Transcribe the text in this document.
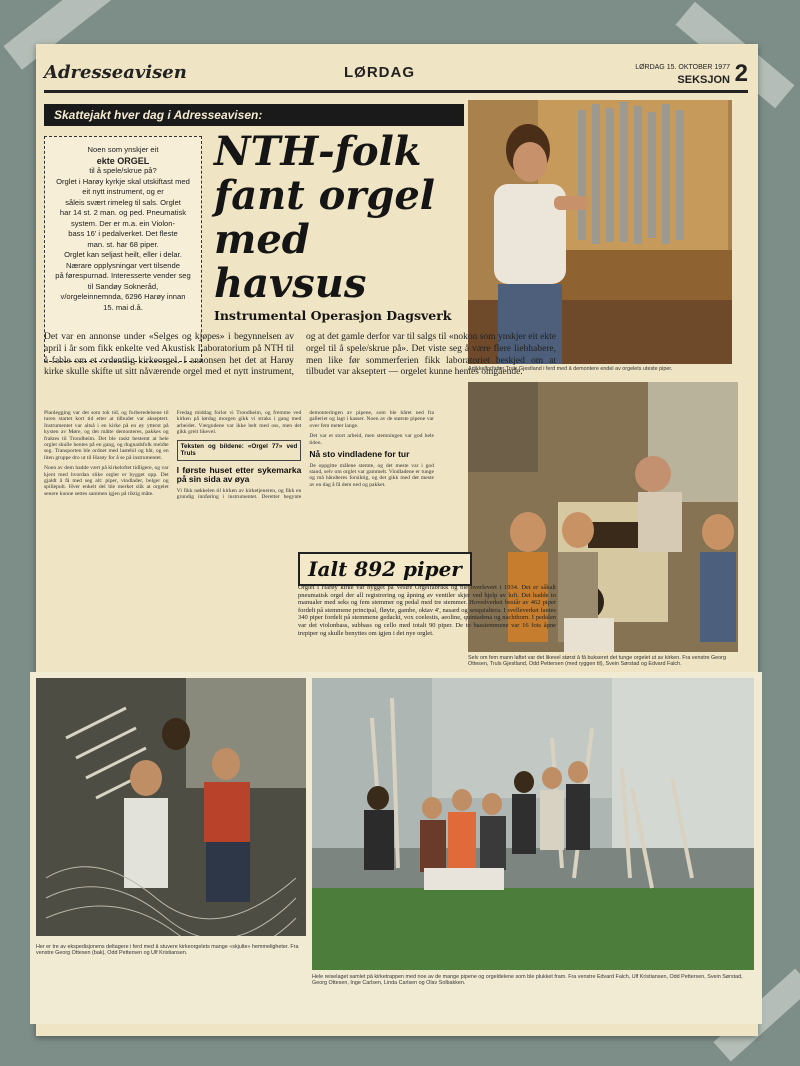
Adresseavisen	LØRDAG	LØRDAG 15. OKTOBER 1977
SEKSJON 2
Skattejakt hver dag i Adresseavisen:
Noen som ynskjer eit
ekte ORGEL
til å spele/skrue på?
Orglet i Harøy kyrkje skal utskiftast med eit nytt instrument, og er
såleis svært rimeleg til sals. Orglet
har 14 st. 2 man. og ped. Pneumatisk system. Der er m.a. ein Violon-
bass 16' i pedalverket. Det fleste
man. st. har 68 piper.
Orglet kan seljast heilt, eller i delar.
Nærare opplysningar vert tilsende
på førespurnad. Interesserte vender seg til Sandøy Sokneråd,
v/orgeleinnemnda, 6296 Harøy innan
15. mai d.å.
NTH-folk
fant orgel
med havsus
Instrumental Operasjon Dagsverk
Artikkelforfatter Truls Gjestland i ferd med å demontere endel av orgelets uteste piper.
Det var en annonse under «Selges og kjøpes» i begynnelsen av april i år som fikk enkelte ved Akustisk Laboratorium på NTH til å fable om et ordentlig kirkeorgel. I annonsen het det at Harøy kirke skulle skifte ut sitt nåværende orgel med et nytt instrument, og at det gamle derfor var til salgs til «nokon som ynskjer eit ekte orgel til å spele/skrue på». Det viste seg å være flere liebhabere, men like før sommerferien fikk laboratoriet beskjed om at tilbudet var akseptert — orgelet kunne hentes omgående.
Selv om fem mann laftet var det likevel størst å få bukseret det tunge orgelet ut av kirken. Fra venstre Georg Ottesen, Truls Gjestland, Odd Pettersen (med ryggen til), Svein Sørstad og Edvard Falch.

Planlegging var det som tok tid, og forberedelsene til turen startet kort tid etter at tilbudet var akseptert. Instrumentet var altså i en kirke på en øy ytterst på kysten av Møre, og det måtte demonteres, pakkes og fraktes til Trondheim. Det ble raskt bestemt at hele orglet skulle hentes på en gang, og dugnadsfolk meldte seg. Transporten ble ordnet med lastebil og båt, og en liten gruppe dro ut til Harøy for å se på instrumentet.

Noen av dem hadde vært på kirkeloftet tidligere, og var kjent med hvordan slike orgler er bygget opp. Det gjaldt å få med seg alt: piper, vindlader, belger og spillepult. Hver enkelt del ble merket slik at orgelet senere kunne settes sammen igjen på riktig måte.

Fredag middag forlot vi Trondheim, og fremme ved kirken på lørdag morgen gikk vi straks i gang med arbeidet. Værgudene var ikke helt med oss, men det gikk greit likevel.

Teksten og bildene: «Orgel 77» ved Truls
I første huset etter sykemarka på sin sida av øya

Vi fikk nøkkelen til kirken av kirketjeneren, og fikk en grundig innføring i instrumentet. Deretter begynte demonteringen av pipene, som ble båret ned fra galleriet og lagt i kasser. Noen av de største pipene var over fem meter lange.

Det var et stort arbeid, men stemningen var god hele tiden.

Nå sto vindladene for tur

De oppgitte målene stemte, og det meste var i god stand, selv om orglet var gammelt. Vindladene er tunge og må håndteres forsiktig, og det gikk med det meste av en dag å få dem ned og pakket.

Ialt 892 piper
Orglet i Harøy kirke var bygget på Vestre Orgelfabrikk og ble overlevert i 1934. Det er såkalt pneumatisk orgel der all registrering og åpning av ventiler skjer ved hjelp av luft. Det hadde to manualer med seks og fem stemmer og pedal med tre stemmer. Hovedverket består av 462 piper fordelt på stemmene principal, fløyte, gambe, oktav 4', nasard og sesquialtera. I svelleverket fantes 340 piper fordelt på stemmene gedackt, vox coelestis, aeoline, quintadena og nachthorn. I pedalen var det violonbass, subbass og cello med totalt 90 piper. De to basstemmene var 16 fots åpne trepiper og skulle benyttes om igjen i det nye orglet.
Her er tre av ekspedisjonens deltagere i ferd med å stuvere kirkeorgelets mange «skjulte» hemmeligheter. Fra venstre Georg Ottesen (bak), Odd Pettersen og Ulf Kristiansen.
Hele reiselaget samlet på kirketrappen med noe av de mange pipene og orgeldelene som ble plukket fram. Fra venstre Edvard Falch, Ulf Kristiansen, Odd Pettersen, Svein Sørstad, Georg Ottesen, Inge Carlsen, Linda Carlsen og Olav Solbakken.
